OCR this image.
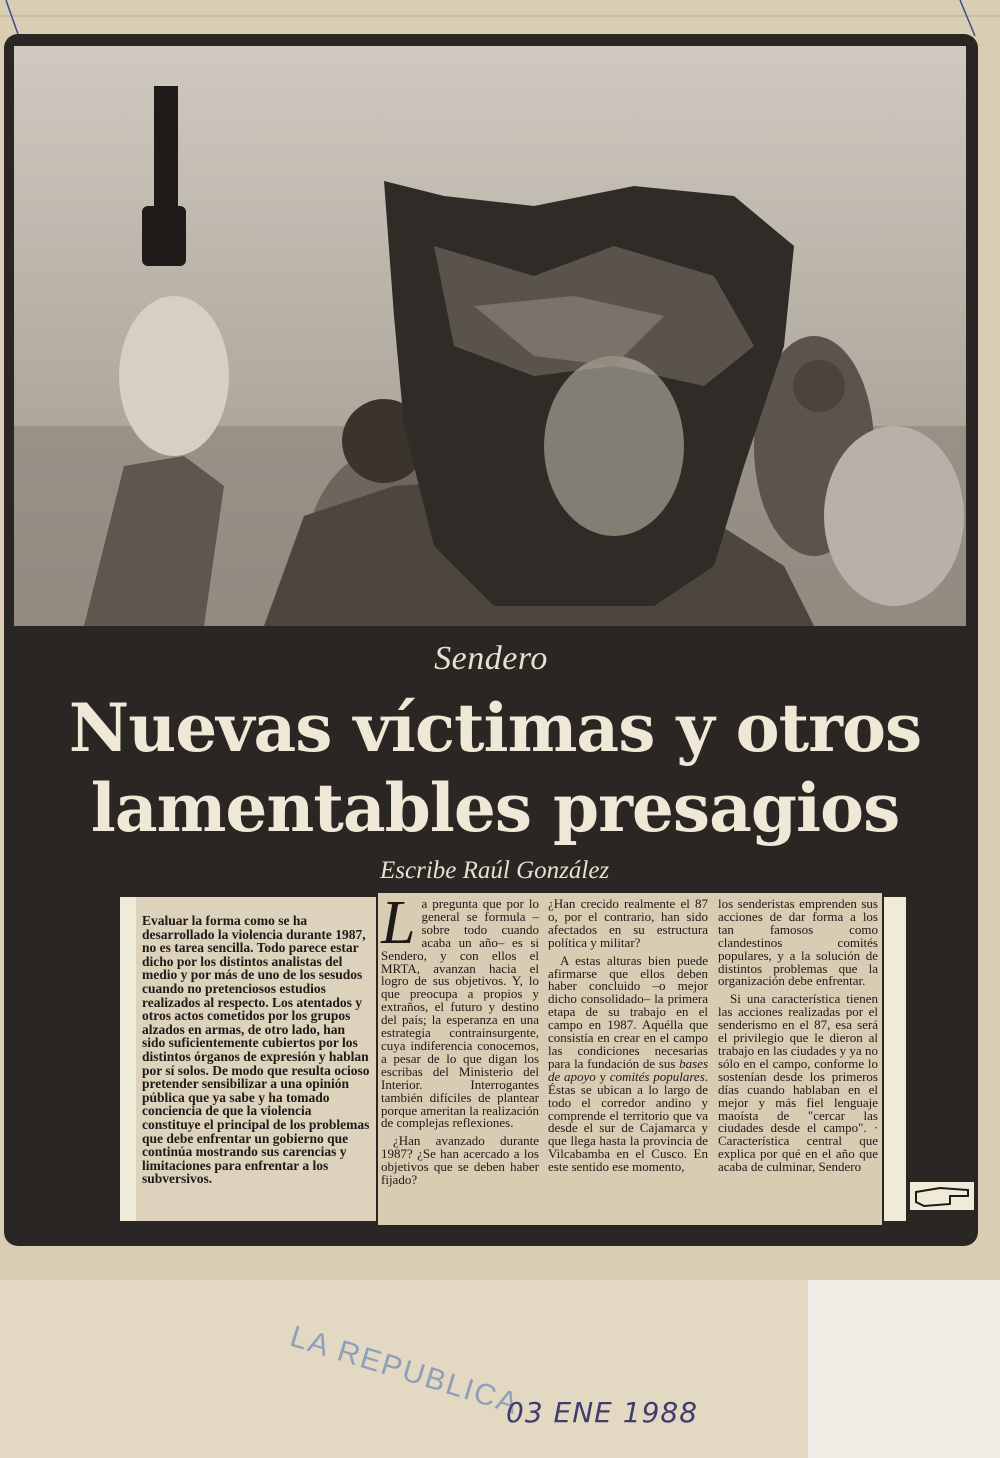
Sendero
Nuevas víctimas y otros
lamentables presagios
Escribe Raúl González
Evaluar la forma como se ha desarrollado la violencia durante 1987, no es tarea sencilla. Todo parece estar dicho por los distintos analistas del medio y por más de uno de los sesudos cuando no pretenciosos estudios realizados al respecto. Los atentados y otros actos cometidos por los grupos alzados en armas, de otro lado, han sido suficientemente cubiertos por los distintos órganos de expresión y hablan por sí solos. De modo que resulta ocioso pretender sensibilizar a una opinión pública que ya sabe y ha tomado conciencia de que la violencia constituye el principal de los problemas que debe enfrentar un gobierno que continúa mostrando sus carencias y limitaciones para enfrentar a los subversivos.
L a pregunta que por lo general se formula –sobre todo cuando acaba un año– es si Sendero, y con ellos el MRTA, avanzan hacia el logro de sus objetivos. Y, lo que preocupa a propios y extraños, el futuro y destino del país; la esperanza en una estrategia contrainsurgente, cuya indiferencia conocemos, a pesar de lo que digan los escribas del Ministerio del Interior. Interrogantes también difíciles de plantear porque ameritan la realización de complejas reflexiones.

¿Han avanzado durante 1987? ¿Se han acercado a los objetivos que se deben haber fijado?

¿Han crecido realmente el 87 o, por el contrario, han sido afectados en su estructura política y militar?

A estas alturas bien puede afirmarse que ellos deben haber concluido –o mejor dicho consolidado– la primera etapa de su trabajo en el campo en 1987. Aquélla que consistía en crear en el campo las condiciones necesarias para la fundación de sus bases de apoyo y comités populares. Éstas se ubican a lo largo de todo el corredor andino y comprende el territorio que va desde el sur de Cajamarca y que llega hasta la provincia de Vilcabamba en el Cusco. En este sentido ese momento,

los senderistas emprenden sus acciones de dar forma a los tan famosos como clandestinos comités populares, y a la solución de distintos problemas que la organización debe enfrentar.

Si una característica tienen las acciones realizadas por el senderismo en el 87, esa será el privilegio que le dieron al trabajo en las ciudades y ya no sólo en el campo, conforme lo sostenían desde los primeros días cuando hablaban en el mejor y más fiel lenguaje maoísta de "cercar las ciudades desde el campo". · Característica central que explica por qué en el año que acaba de culminar, Sendero

LA REPUBLICA
03 ENE 1988
